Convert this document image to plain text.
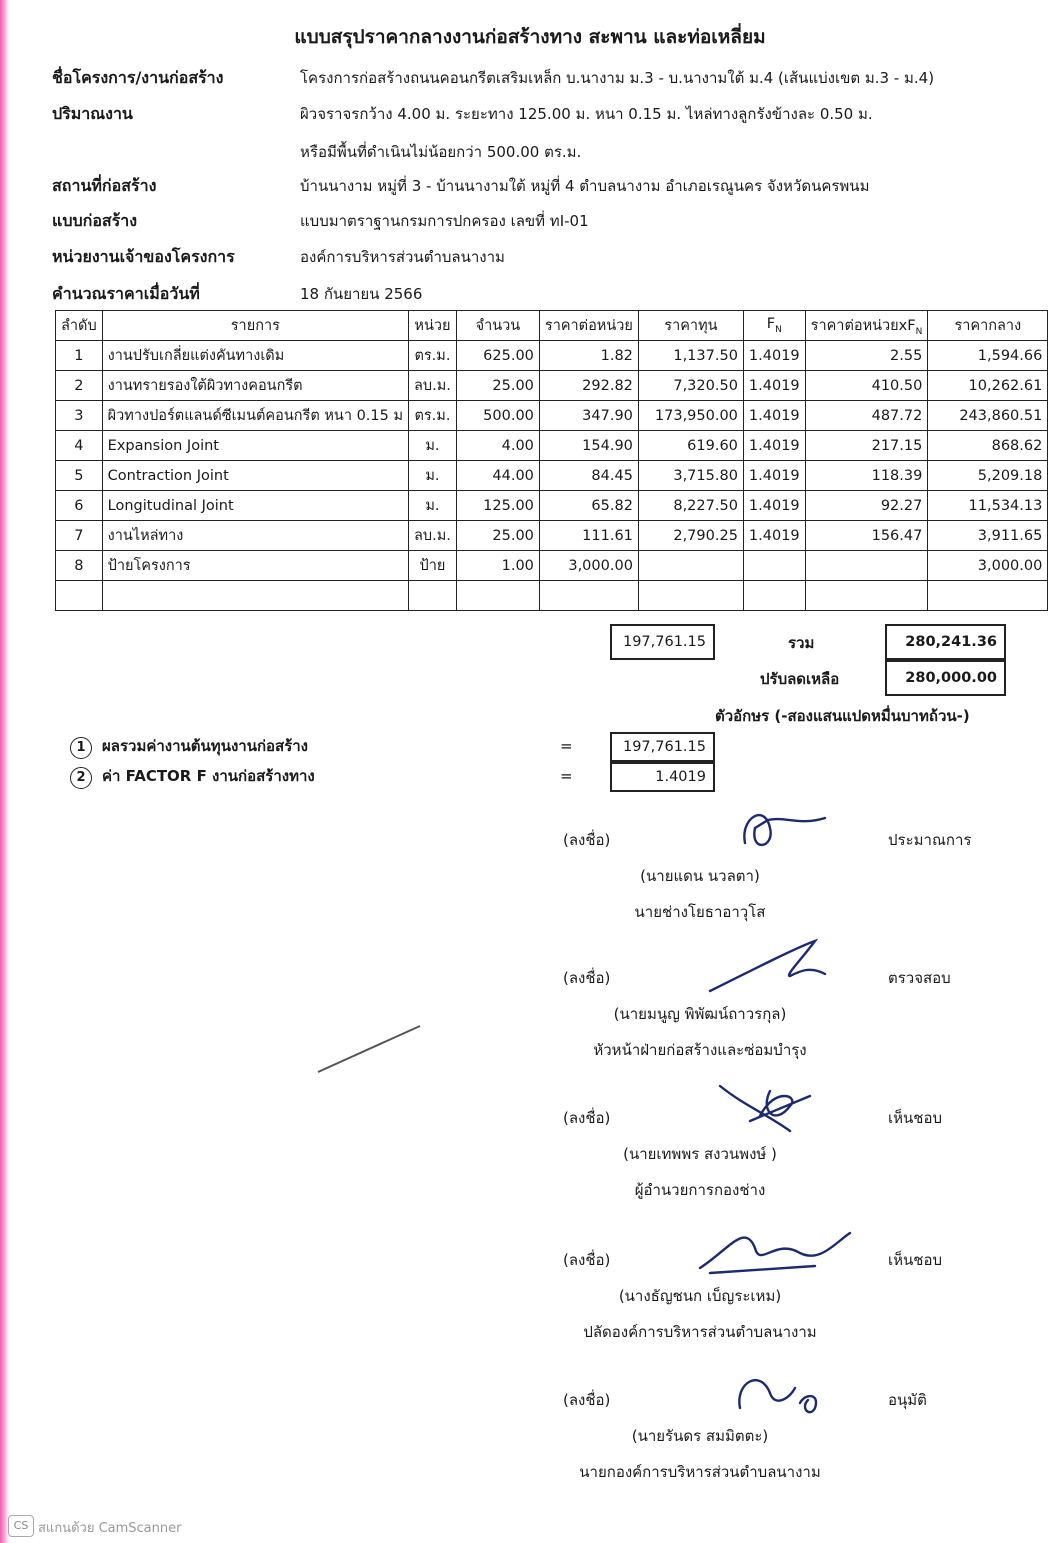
แบบสรุปราคากลางงานก่อสร้างทาง สะพาน และท่อเหลี่ยม
ชื่อโครงการ/งานก่อสร้าง	โครงการก่อสร้างถนนคอนกรีตเสริมเหล็ก บ.นางาม ม.3 - บ.นางามใต้ ม.4 (เส้นแบ่งเขต ม.3 - ม.4)
ปริมาณงาน	ผิวจราจรกว้าง 4.00 ม. ระยะทาง 125.00 ม. หนา 0.15 ม. ไหล่ทางลูกรังข้างละ 0.50 ม.
หรือมีพื้นที่ดำเนินไม่น้อยกว่า 500.00 ตร.ม.
สถานที่ก่อสร้าง	บ้านนางาม หมู่ที่ 3 - บ้านนางามใต้ หมู่ที่ 4 ตำบลนางาม อำเภอเรณูนคร จังหวัดนครพนม
แบบก่อสร้าง	แบบมาตราฐานกรมการปกครอง เลขที่ ทI-01
หน่วยงานเจ้าของโครงการ	องค์การบริหารส่วนตำบลนางาม
คำนวณราคาเมื่อวันที่	18 กันยายน 2566
ลำดับ	รายการ	หน่วย	จำนวน	ราคาต่อหน่วย	ราคาทุน	$F_N$	ราคาต่อหน่วย$xF_N$	ราคากลาง
1	งานปรับเกลี่ยแต่งคันทางเดิม	ตร.ม.	625.00	1.82	1,137.50	1.4019	2.55	1,594.66
2	งานทรายรองใต้ผิวทางคอนกรีต	ลบ.ม.	25.00	292.82	7,320.50	1.4019	410.50	10,262.61
3	ผิวทางปอร์ตแลนด์ซีเมนต์คอนกรีต หนา 0.15 ม	ตร.ม.	500.00	347.90	173,950.00	1.4019	487.72	243,860.51
4	Expansion Joint	ม.	4.00	154.90	619.60	1.4019	217.15	868.62
5	Contraction Joint	ม.	44.00	84.45	3,715.80	1.4019	118.39	5,209.18
6	Longitudinal Joint	ม.	125.00	65.82	8,227.50	1.4019	92.27	11,534.13
7	งานไหล่ทาง	ลบ.ม.	25.00	111.61	2,790.25	1.4019	156.47	3,911.65
8	ป้ายโครงการ	ป้าย	1.00	3,000.00				3,000.00

197,761.15	รวม	280,241.36
ปรับลดเหลือ	280,000.00
ตัวอักษร (-สองแสนแปดหมื่นบาทถ้วน-)
1 ผลรวมค่างานต้นทุนงานก่อสร้าง	=	197,761.15
2 ค่า FACTOR F งานก่อสร้างทาง	=	1.4019
(ลงชื่อ)	ประมาณการ
(นายแดน นวลตา)
นายช่างโยธาอาวุโส
(ลงชื่อ)	ตรวจสอบ
(นายมนูญ พิพัฒน์ถาวรกุล)
หัวหน้าฝ่ายก่อสร้างและซ่อมบำรุง
(ลงชื่อ)	เห็นชอบ
(นายเทพพร สงวนพงษ์ )
ผู้อำนวยการกองช่าง
(ลงชื่อ)	เห็นชอบ
(นางธัญชนก เบ็ญระเหม)
ปลัดองค์การบริหารส่วนตำบลนางาม
(ลงชื่อ)	อนุมัติ
(นายรันดร สมมิตตะ)
นายกองค์การบริหารส่วนตำบลนางาม
CS สแกนด้วย CamScanner
